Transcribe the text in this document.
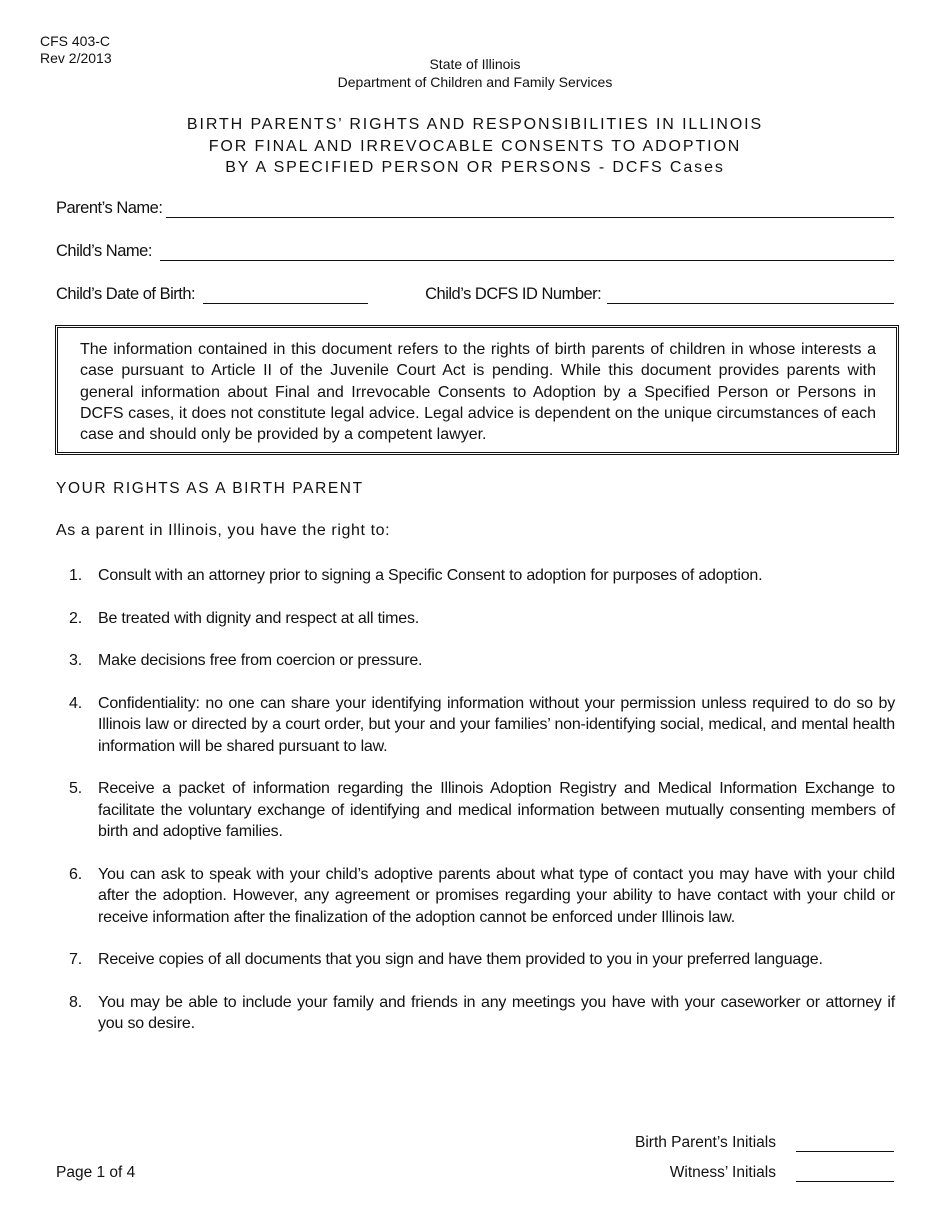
CFS 403-C
Rev 2/2013	State of Illinois
Department of Children and Family Services
BIRTH PARENTS’ RIGHTS AND RESPONSIBILITIES IN ILLINOIS
FOR FINAL AND IRREVOCABLE CONSENTS TO ADOPTION
BY A SPECIFIED PERSON OR PERSONS - DCFS Cases
Parent’s Name:
Child’s Name:
Child’s Date of Birth:	Child’s DCFS ID Number:
The information contained in this document refers to the rights of birth parents of children in whose interests a case pursuant to Article II of the Juvenile Court Act is pending. While this document provides parents with general information about Final and Irrevocable Consents to Adoption by a Specified Person or Persons in DCFS cases, it does not constitute legal advice. Legal advice is dependent on the unique circumstances of each case and should only be provided by a competent lawyer.
YOUR RIGHTS AS A BIRTH PARENT
As a parent in Illinois, you have the right to:
1. Consult with an attorney prior to signing a Specific Consent to adoption for purposes of adoption.
2. Be treated with dignity and respect at all times.
3. Make decisions free from coercion or pressure.
4. Confidentiality: no one can share your identifying information without your permission unless required to do so by Illinois law or directed by a court order, but your and your families’ non-identifying social, medical, and mental health information will be shared pursuant to law.
5. Receive a packet of information regarding the Illinois Adoption Registry and Medical Information Exchange to facilitate the voluntary exchange of identifying and medical information between mutually consenting members of birth and adoptive families.
6. You can ask to speak with your child’s adoptive parents about what type of contact you may have with your child after the adoption. However, any agreement or promises regarding your ability to have contact with your child or receive information after the finalization of the adoption cannot be enforced under Illinois law.
7. Receive copies of all documents that you sign and have them provided to you in your preferred language.
8. You may be able to include your family and friends in any meetings you have with your caseworker or attorney if you so desire.
Birth Parent’s Initials
Witness’ Initials
Page 1 of 4
